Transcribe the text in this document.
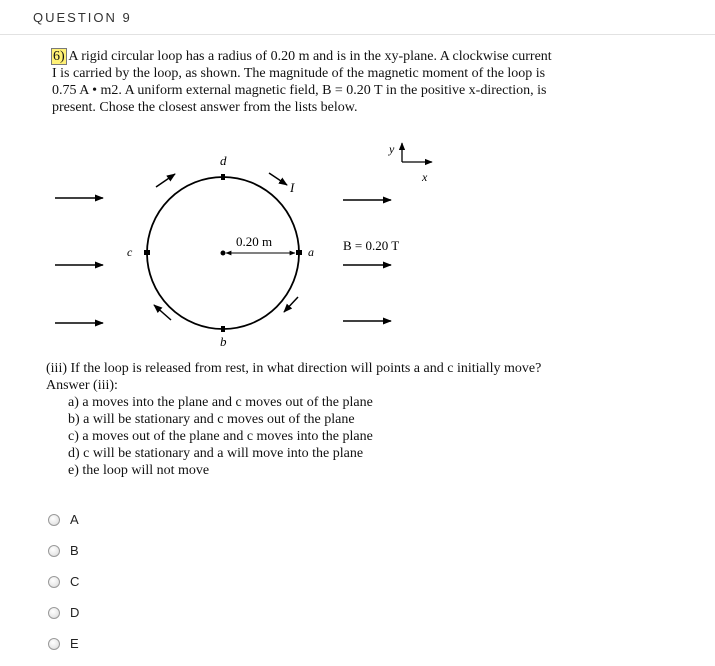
QUESTION 9

6) A rigid circular loop has a radius of 0.20 m and is in the xy-plane. A clockwise current

I is carried by the loop, as shown. The magnitude of the magnetic moment of the loop is

0.75 A • m2. A uniform external magnetic field, B = 0.20 T in the positive x-direction, is

present. Chose the closest answer from the lists below.

d
I
c	a
b
0.20 m	B = 0.20 T
y
x

(iii) If the loop is released from rest, in what direction will points a and c initially move?

Answer (iii):

a) a moves into the plane and c moves out of the plane
b) a will be stationary and c moves out of the plane
c) a moves out of the plane and c moves into the plane
d) c will be stationary and a will move into the plane
e) the loop will not move
A
B
C
D
E
